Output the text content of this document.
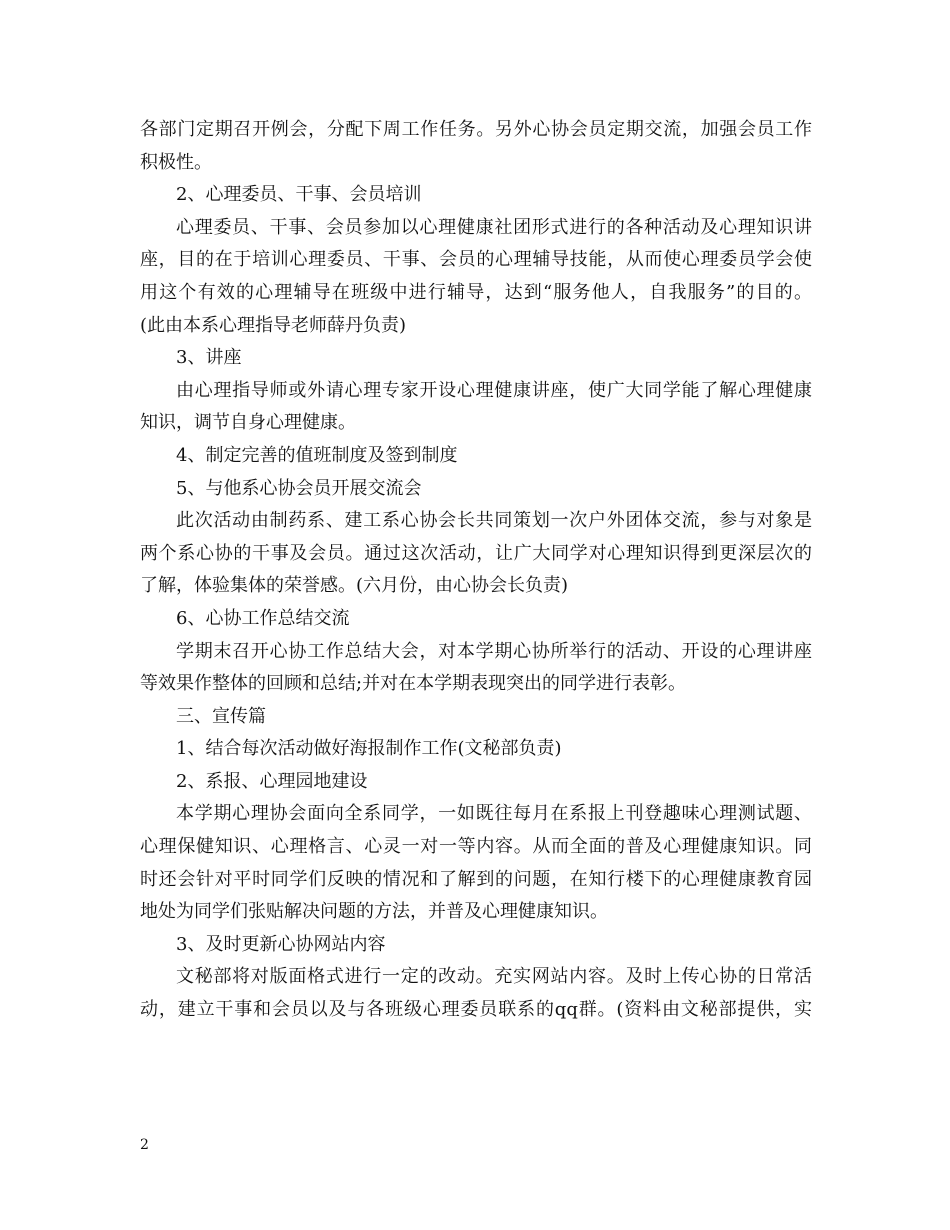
各部门定期召开例会，分配下周工作任务。另外心协会员定期交流，加强会员工作
积极性。
2、心理委员、干事、会员培训
心理委员、干事、会员参加以心理健康社团形式进行的各种活动及心理知识讲
座，目的在于培训心理委员、干事、会员的心理辅导技能，从而使心理委员学会使
用这个有效的心理辅导在班级中进行辅导，达到“服务他人，自我服务”的目的。
(此由本系心理指导老师薛丹负责)
3、讲座
由心理指导师或外请心理专家开设心理健康讲座，使广大同学能了解心理健康
知识，调节自身心理健康。
4、制定完善的值班制度及签到制度
5、与他系心协会员开展交流会
此次活动由制药系、建工系心协会长共同策划一次户外团体交流，参与对象是
两个系心协的干事及会员。通过这次活动，让广大同学对心理知识得到更深层次的
了解，体验集体的荣誉感。(六月份，由心协会长负责)
6、心协工作总结交流
学期末召开心协工作总结大会，对本学期心协所举行的活动、开设的心理讲座
等效果作整体的回顾和总结;并对在本学期表现突出的同学进行表彰。
三、宣传篇
1、结合每次活动做好海报制作工作(文秘部负责)
2、系报、心理园地建设
本学期心理协会面向全系同学，一如既往每月在系报上刊登趣味心理测试题、
心理保健知识、心理格言、心灵一对一等内容。从而全面的普及心理健康知识。同
时还会针对平时同学们反映的情况和了解到的问题，在知行楼下的心理健康教育园
地处为同学们张贴解决问题的方法，并普及心理健康知识。
3、及时更新心协网站内容
文秘部将对版面格式进行一定的改动。充实网站内容。及时上传心协的日常活
动，建立干事和会员以及与各班级心理委员联系的qq群。(资料由文秘部提供，实
2
